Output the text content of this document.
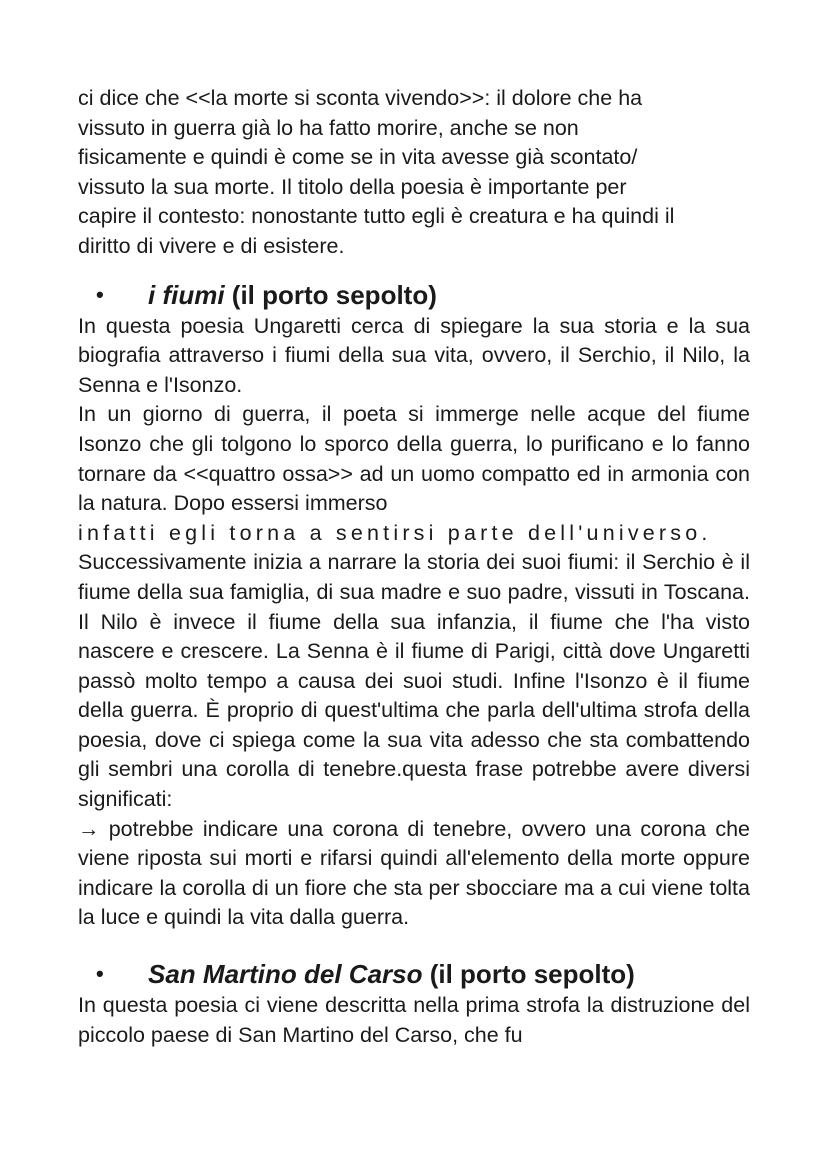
ci dice che <<la morte si sconta vivendo>>: il dolore che ha
vissuto in guerra già lo ha fatto morire, anche se non
fisicamente e quindi è come se in vita avesse già scontato/
vissuto la sua morte. Il titolo della poesia è importante per
capire il contesto: nonostante tutto egli è creatura e ha quindi il
diritto di vivere e di esistere.
•	i fiumi (il porto sepolto)

In questa poesia Ungaretti cerca di spiegare la sua storia e la sua biografia attraverso i fiumi della sua vita, ovvero, il Serchio, il Nilo, la Senna e l'Isonzo.

In un giorno di guerra, il poeta si immerge nelle acque del fiume Isonzo che gli tolgono lo sporco della guerra, lo purificano e lo fanno tornare da <<quattro ossa>> ad un uomo compatto ed in armonia con la natura. Dopo essersi immerso

infatti egli torna a sentirsi parte dell'universo.

Successivamente inizia a narrare la storia dei suoi fiumi: il Serchio è il fiume della sua famiglia, di sua madre e suo padre, vissuti in Toscana. Il Nilo è invece il fiume della sua infanzia, il fiume che l'ha visto nascere e crescere. La Senna è il fiume di Parigi, città dove Ungaretti passò molto tempo a causa dei suoi studi. Infine l'Isonzo è il fiume della guerra. È proprio di quest'ultima che parla dell'ultima strofa della poesia, dove ci spiega come la sua vita adesso che sta combattendo gli sembri una corolla di tenebre.questa frase potrebbe avere diversi significati:

→ potrebbe indicare una corona di tenebre, ovvero una corona che viene riposta sui morti e rifarsi quindi all'elemento della morte oppure indicare la corolla di un fiore che sta per sbocciare ma a cui viene tolta la luce e quindi la vita dalla guerra.

•	San Martino del Carso (il porto sepolto)

In questa poesia ci viene descritta nella prima strofa la distruzione del piccolo paese di San Martino del Carso, che fu
